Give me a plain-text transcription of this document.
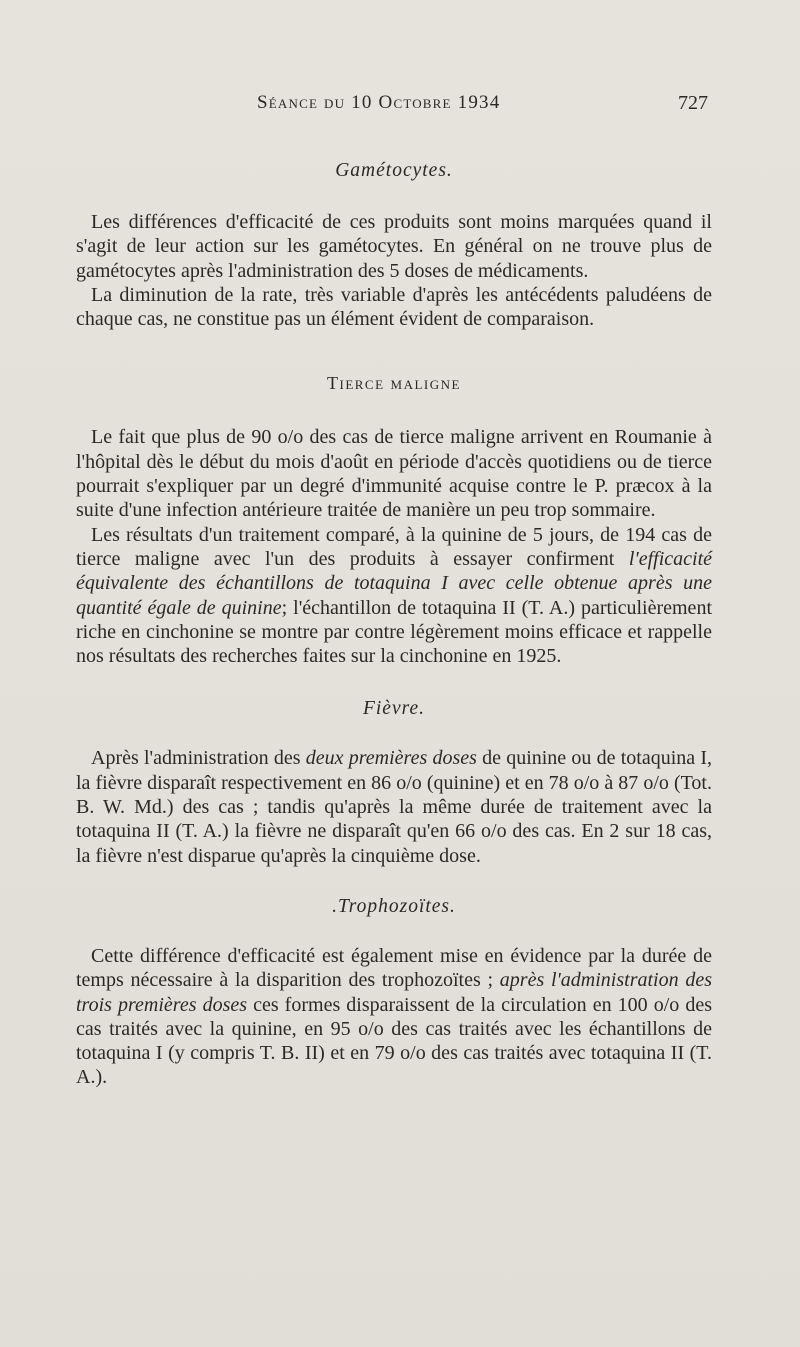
Séance du 10 Octobre 1934	727
Gamétocytes.

Les différences d'efficacité de ces produits sont moins marquées quand il s'agit de leur action sur les gamétocytes. En général on ne trouve plus de gamétocytes après l'administration des 5 doses de médicaments.

La diminution de la rate, très variable d'après les antécédents paludéens de chaque cas, ne constitue pas un élément évident de comparaison.

Tierce maligne

Le fait que plus de 90 o/o des cas de tierce maligne arrivent en Roumanie à l'hôpital dès le début du mois d'août en période d'accès quotidiens ou de tierce pourrait s'expliquer par un degré d'immunité acquise contre le P. præcox à la suite d'une infection antérieure traitée de manière un peu trop sommaire.

Les résultats d'un traitement comparé, à la quinine de 5 jours, de 194 cas de tierce maligne avec l'un des produits à essayer confirment l'efficacité équivalente des échantillons de totaquina I avec celle obtenue après une quantité égale de quinine; l'échantillon de totaquina II (T. A.) particulièrement riche en cinchonine se montre par contre légèrement moins efficace et rappelle nos résultats des recherches faites sur la cinchonine en 1925.

Fièvre.

Après l'administration des deux premières doses de quinine ou de totaquina I, la fièvre disparaît respectivement en 86 o/o (quinine) et en 78 o/o à 87 o/o (Tot. B. W. Md.) des cas ; tandis qu'après la même durée de traitement avec la totaquina II (T. A.) la fièvre ne disparaît qu'en 66 o/o des cas. En 2 sur 18 cas, la fièvre n'est disparue qu'après la cinquième dose.

.Trophozoïtes.

Cette différence d'efficacité est également mise en évidence par la durée de temps nécessaire à la disparition des trophozoïtes ; après l'administration des trois premières doses ces formes disparaissent de la circulation en 100 o/o des cas traités avec la quinine, en 95 o/o des cas traités avec les échantillons de totaquina I (y compris T. B. II) et en 79 o/o des cas traités avec totaquina II (T. A.).
